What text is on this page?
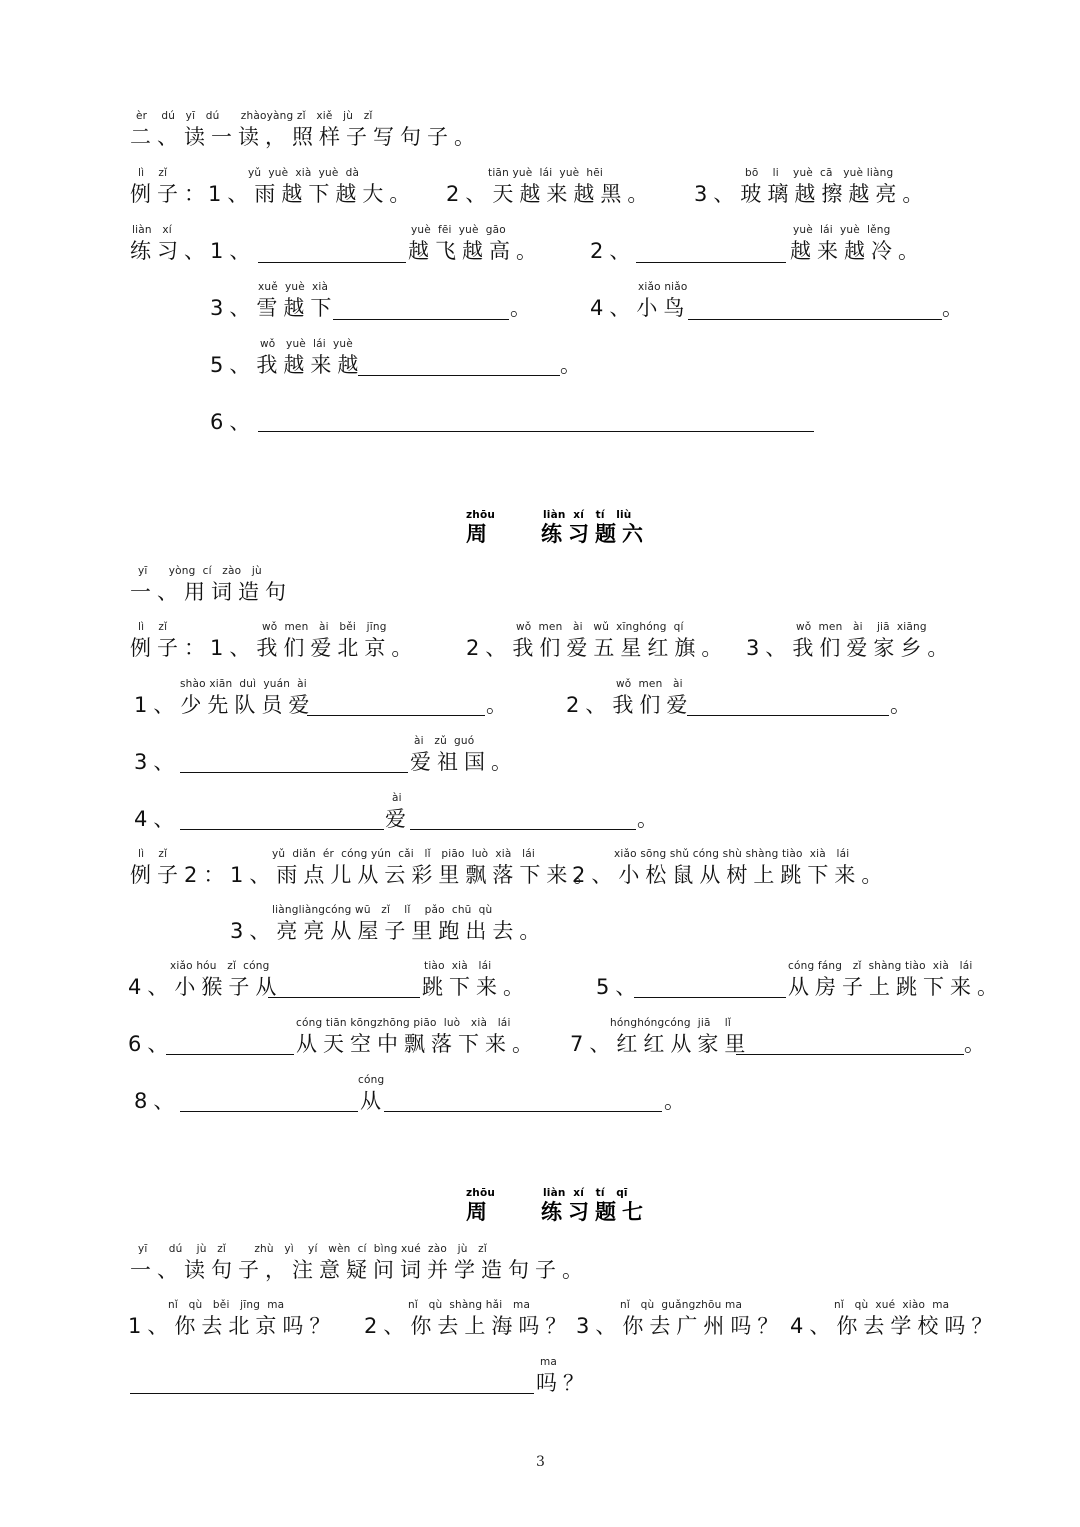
èr    dú   yī   dú      zhàoyàng zǐ   xiě   jù   zǐ
二、读一读，照样子写句子。
lì    zǐ
例子：
yǔ  yuè  xià  yuè  dà
1、雨越下越大。
tiān yuè  lái  yuè  hēi
2、天越来越黑。
bō    li    yuè  cā   yuè liàng
3、玻璃越擦越亮。
liàn   xí
练习、 1、
yuè  fēi  yuè  gāo
越飞越高。 2、
yuè  lái  yuè  lěng
越来越冷。
xuě  yuè  xià
3、雪越下	。
xiǎo niǎo
4、小鸟	。
wǒ   yuè  lái  yuè
5、我越来越	。
6、
zhōu	liàn  xí   tí   liù
周 练习题六
yī      yòng  cí   zào   jù
一、用词造句
lì    zǐ
例子：
wǒ  men   ài   běi   jīng
1、我们爱北京。
wǒ  men   ài   wǔ  xīnghóng  qí
2、我们爱五星红旗。
wǒ  men   ài    jiā  xiāng
3、我们爱家乡。
shào xiān  duì  yuán  ài
1、少先队员爱	。
wǒ  men   ài
2、我们爱	。
3、
ài   zǔ  guó
爱祖国。
4、
ài
爱	。
lì    zǐ
例子2：
yǔ  diǎn  ér  cóng yún  cǎi   lǐ   piāo  luò  xià   lái
1、雨点儿从云彩里飘落下来。
xiǎo sōng shǔ cóng shù shàng tiào  xià   lái
2、小松鼠从树上跳下来。
liàngliàngcóng wū   zǐ    lǐ    pǎo  chū  qù
3、亮亮从屋子里跑出去。
xiǎo hóu   zǐ  cóng
4、小猴子从
tiào  xià   lái
跳下来。	5、
cóng fáng   zǐ  shàng tiào  xià   lái
从房子上跳下来。
6、
cóng tiān kōngzhōng piāo  luò   xià   lái
从天空中飘落下来。
hónghóngcóng  jiā    lǐ
7、红红从家里	。
8、
cóng
从	。
zhōu	liàn  xí   tí   qī
周 练习题七
yī      dú    jù   zǐ        zhù   yì    yí   wèn  cí  bìng xué  zào   jù   zǐ
一、读句子，注意疑问词并学造句子。
nǐ   qù   běi   jīng  ma
1、你去北京吗？
nǐ   qù  shàng hǎi   ma
2、你去上海吗？
nǐ   qù  guǎngzhōu ma
3、你去广州吗？
nǐ   qù  xué  xiào  ma
4、你去学校吗？
ma
吗？
3
